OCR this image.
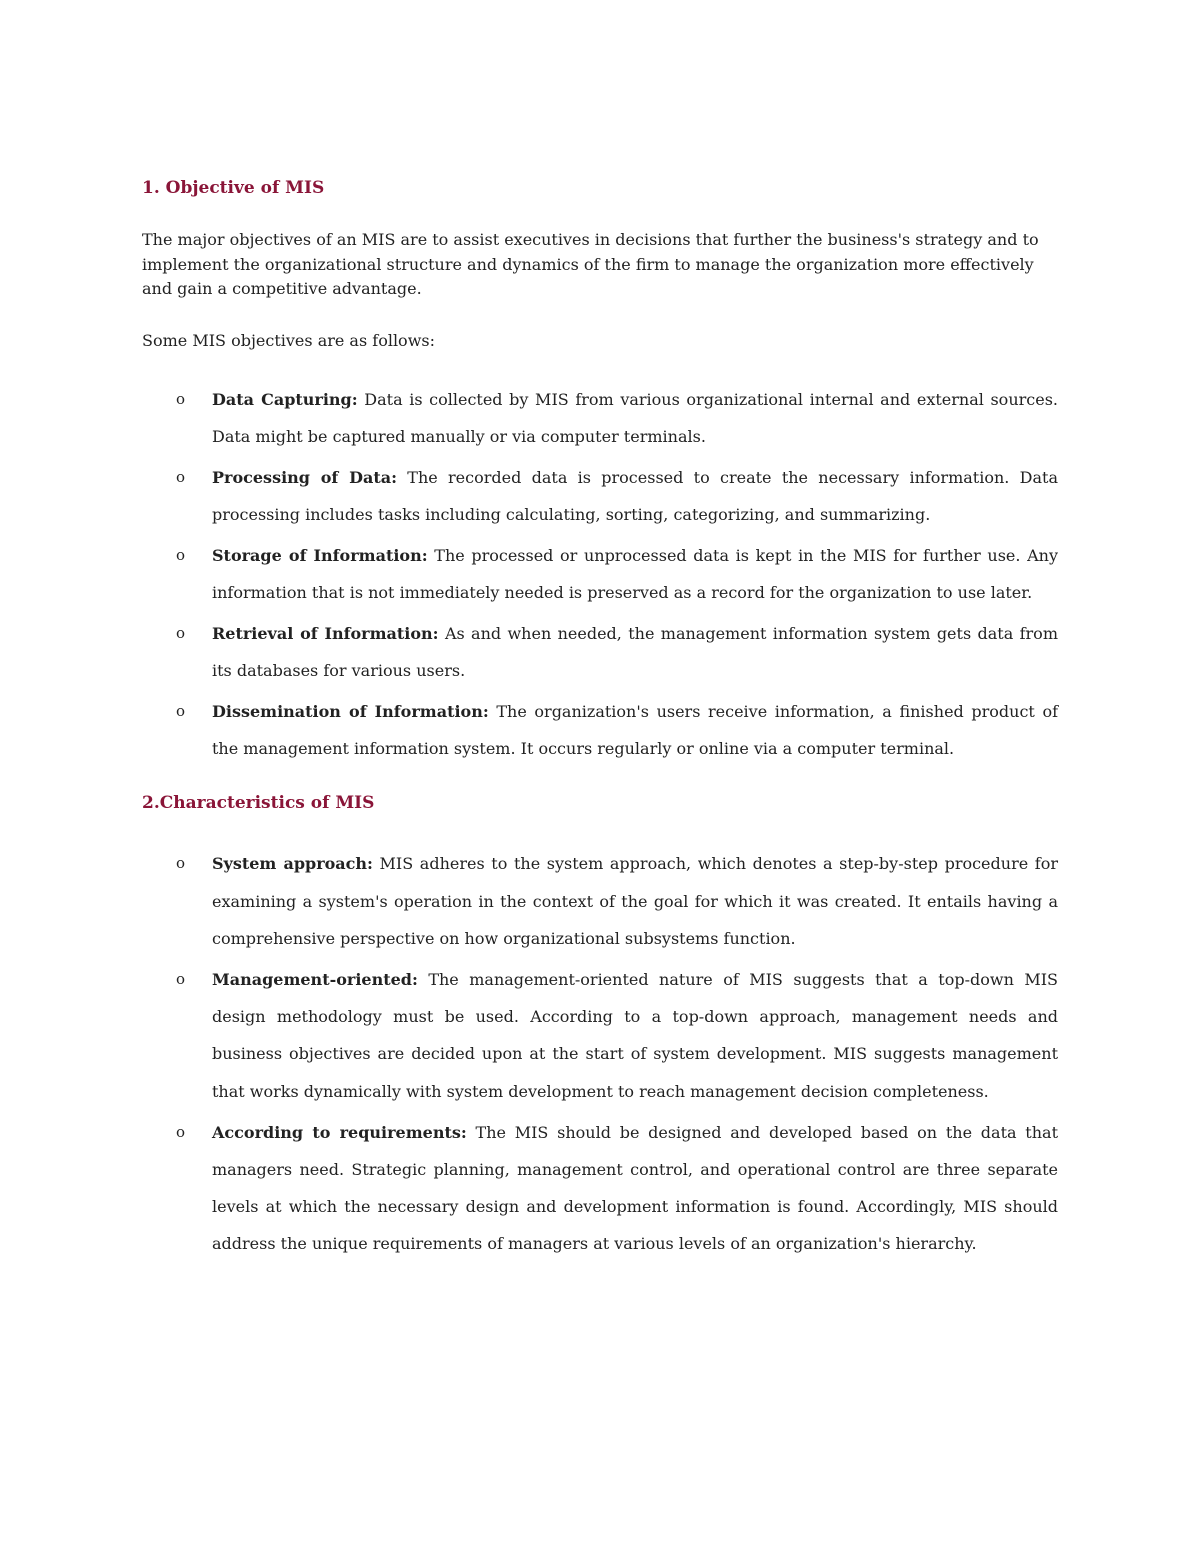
1. Objective of MIS

The major objectives of an MIS are to assist executives in decisions that further the business's strategy and to implement the organizational structure and dynamics of the firm to manage the organization more effectively and gain a competitive advantage.

Some MIS objectives are as follows:

o Data Capturing: Data is collected by MIS from various organizational internal and external sources. Data might be captured manually or via computer terminals.
o Processing of Data: The recorded data is processed to create the necessary information. Data processing includes tasks including calculating, sorting, categorizing, and summarizing.
o Storage of Information: The processed or unprocessed data is kept in the MIS for further use. Any information that is not immediately needed is preserved as a record for the organization to use later.
o Retrieval of Information: As and when needed, the management information system gets data from its databases for various users.
o Dissemination of Information: The organization's users receive information, a finished product of the management information system. It occurs regularly or online via a computer terminal.
2.Characteristics of MIS
o System approach: MIS adheres to the system approach, which denotes a step-by-step procedure for examining a system's operation in the context of the goal for which it was created. It entails having a comprehensive perspective on how organizational subsystems function.
o Management-oriented: The management-oriented nature of MIS suggests that a top-down MIS design methodology must be used. According to a top-down approach, management needs and business objectives are decided upon at the start of system development. MIS suggests management that works dynamically with system development to reach management decision completeness.
o According to requirements: The MIS should be designed and developed based on the data that managers need. Strategic planning, management control, and operational control are three separate levels at which the necessary design and development information is found. Accordingly, MIS should address the unique requirements of managers at various levels of an organization's hierarchy.
